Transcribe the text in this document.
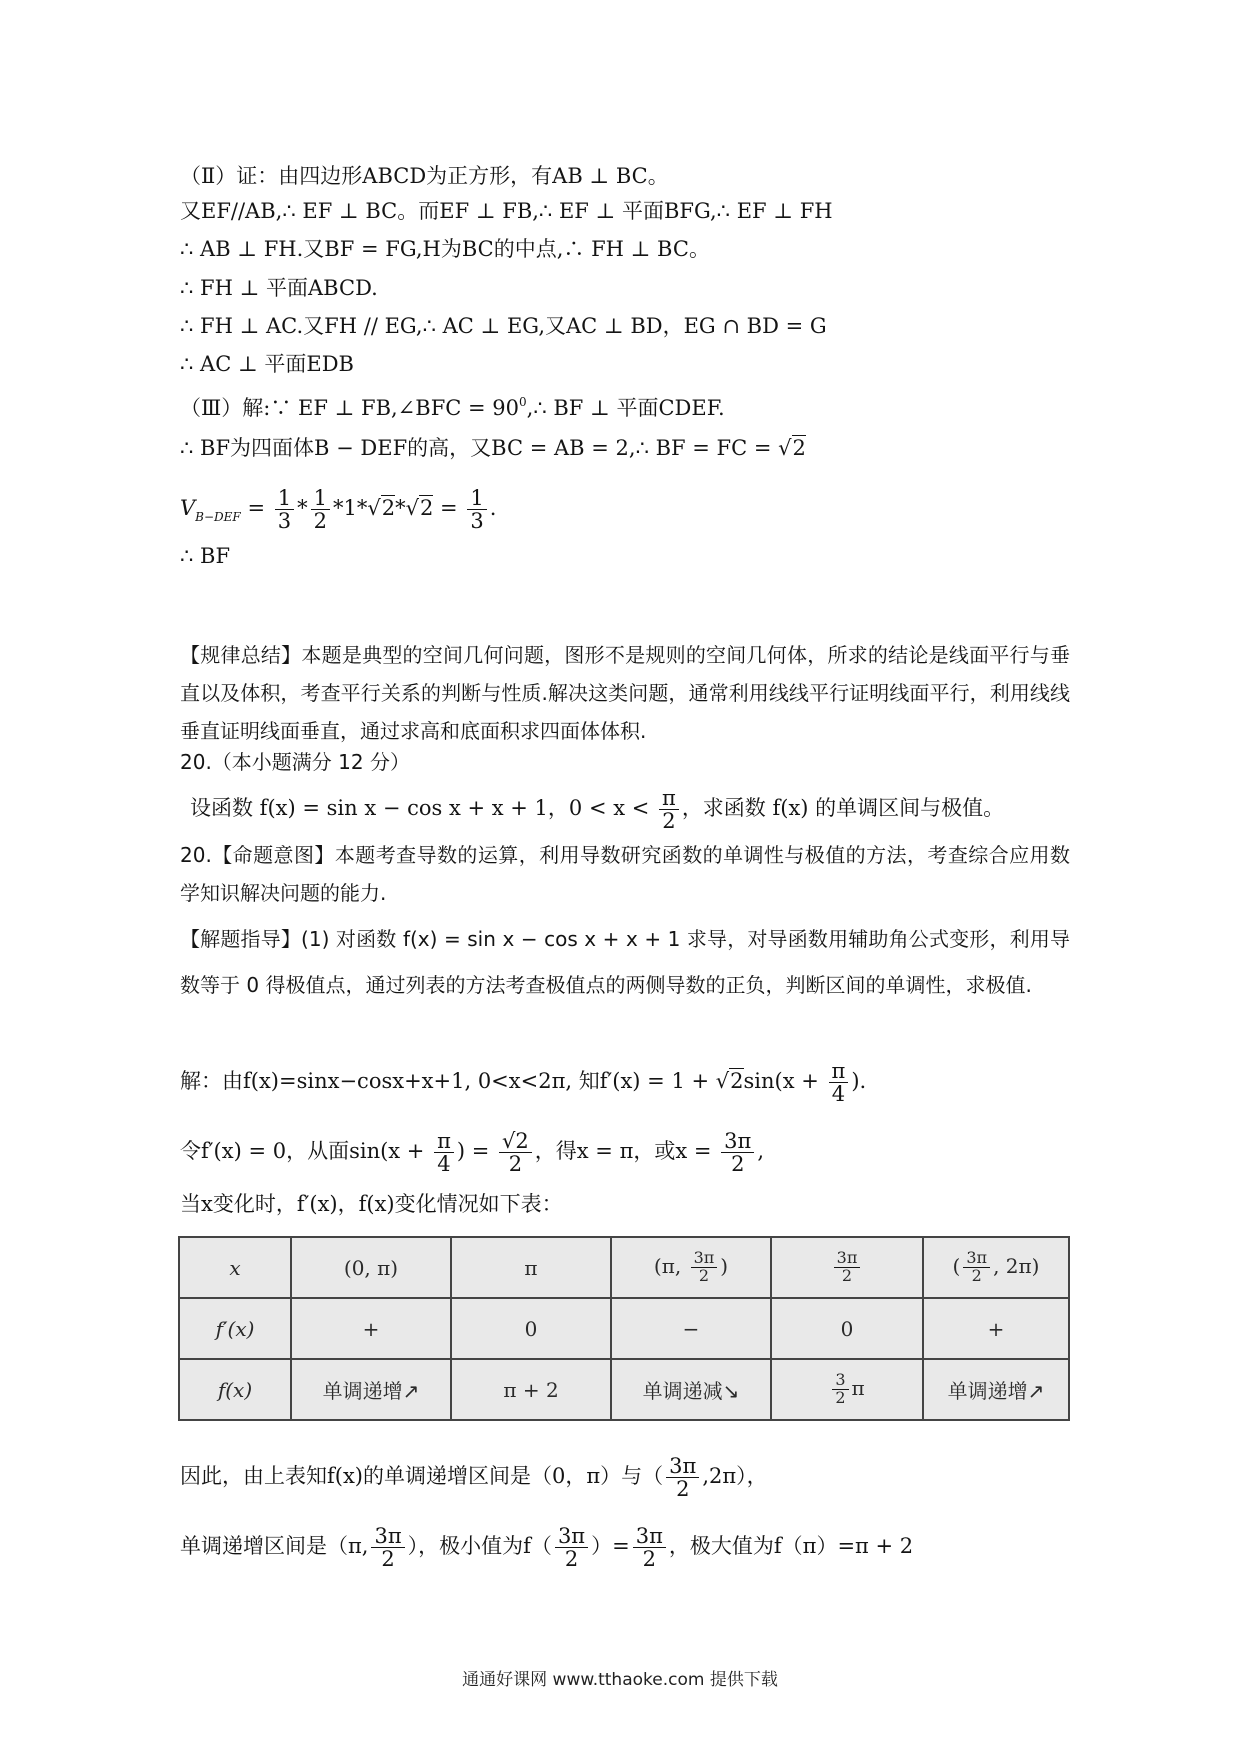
（Ⅱ）证：由四边形ABCD为正方形，有AB ⊥ BC。
又EF//AB,∴ EF ⊥ BC。而EF ⊥ FB,∴ EF ⊥ 平面BFG,∴ EF ⊥ FH
∴ AB ⊥ FH.又BF = FG,H为BC的中点,∴ FH ⊥ BC。
∴ FH ⊥ 平面ABCD.
∴ FH ⊥ AC.又FH // EG,∴ AC ⊥ EG,又AC ⊥ BD，EG ∩ BD = G
∴ AC ⊥ 平面EDB
（Ⅲ）解:∵ EF ⊥ FB,∠BFC = $90^0,\therefore$ BF ⊥ 平面CDEF.
∴ BF为四面体B − DEF的高，又BC = AB = 2,∴ BF = FC = √2
$V_{B-DEF} = \frac{1}{3} * \frac{1}{2} *1*√2*√2 = \frac{1}{3}$ .
∴ BF
【规律总结】本题是典型的空间几何问题，图形不是规则的空间几何体，所求的结论是线面平行与垂直以及体积，考查平行关系的判断与性质.解决这类问题，通常利用线线平行证明线面平行，利用线线垂直证明线面垂直，通过求高和底面积求四面体体积.
20.（本小题满分 12 分）
设函数 f(x) = sin x − cos x + x + 1，$0 < x < \frac{\pi}{2}$ ，求函数 f(x) 的单调区间与极值。
20.【命题意图】本题考查导数的运算，利用导数研究函数的单调性与极值的方法，考查综合应用数学知识解决问题的能力.
【解题指导】(1) 对函数 f(x) = sin x − cos x + x + 1 求导，对导函数用辅助角公式变形，利用导数等于 0 得极值点，通过列表的方法考查极值点的两侧导数的正负，判断区间的单调性，求极值.
解：由f(x)=sinx−cosx+x+1, 0<x<2π, 知$f'(x) = 1 + √2\sin(x + \frac{\pi}{4}$ ).
令f′(x) = 0，从面$\sin(x + \frac{\pi}{4}$ ) = $\frac{√2}{2}$ ，得x = π，或$x = \frac{3\pi}{2}$ ,
当x变化时，f′(x)，f(x)变化情况如下表：
x	(0, π)	π	(π, $\frac{3\pi}{2}$ )	$\frac{3\pi}{2}$	( $\frac{3\pi}{2}$ , 2π)
f′(x)	+	0	−	0	+
f(x)	单调递增↗	π + 2	单调递减↘	$\frac{3}{2}$ π	单调递增↗
因此，由上表知f(x)的单调递增区间是（0，π）与（ $\frac{3\pi}{2} ,2\pi$），
单调递增区间是（π, $\frac{3\pi}{2}$ ），极小值为$f( \frac{3\pi}{2}$ ）= $\frac{3\pi}{2}$ ，极大值为f（π）=π + 2
通通好课网 www.tthaoke.com 提供下载
